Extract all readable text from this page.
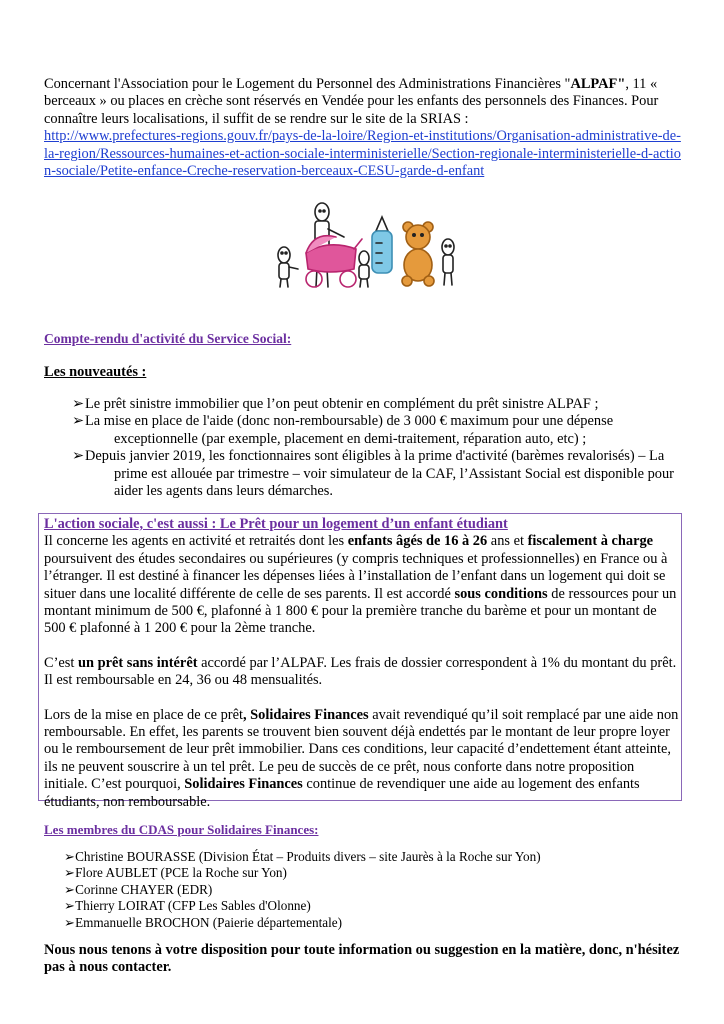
Concernant l'Association pour le Logement du Personnel des Administrations Financières "ALPAF", 11 « berceaux » ou places en crèche sont réservés en Vendée pour les enfants des personnels des Finances. Pour connaître leurs localisations, il suffit de se rendre sur le site de la SRIAS :
http://www.prefectures-regions.gouv.fr/pays-de-la-loire/Region-et-institutions/Organisation-administrative-de-la-region/Ressources-humaines-et-action-sociale-interministerielle/Section-regionale-interministerielle-d-action-sociale/Petite-enfance-Creche-reservation-berceaux-CESU-garde-d-enfant
Compte-rendu d'activité du Service Social:
Les nouveautés :
➢ Le prêt sinistre immobilier que l’on peut obtenir en complément du prêt sinistre ALPAF ;
➢ La mise en place de l'aide (donc non-remboursable) de 3 000 € maximum pour une dépense
exceptionnelle (par exemple, placement en demi-traitement, réparation auto, etc) ;
➢ Depuis janvier 2019, les fonctionnaires sont éligibles à la prime d'activité (barèmes revalorisés) – La
prime est allouée par trimestre – voir simulateur de la CAF, l’Assistant Social est disponible pour aider les agents dans leurs démarches.

L'action sociale, c'est aussi : Le Prêt pour un logement d’un enfant étudiant

Il concerne les agents en activité et retraités dont les enfants âgés de 16 à 26 ans et fiscalement à charge poursuivent des études secondaires ou supérieures (y compris techniques et professionnelles) en France ou à l’étranger. Il est destiné à financer les dépenses liées à l’installation de l’enfant dans un logement qui doit se situer dans une localité différente de celle de ses parents. Il est accordé sous conditions de ressources pour un montant minimum de 500 €, plafonné à 1 800 € pour la première tranche du barème et pour un montant de 500 € plafonné à 1 200 € pour la 2ème tranche.

C’est un prêt sans intérêt accordé par l’ALPAF. Les frais de dossier correspondent à 1% du montant du prêt. Il est remboursable en 24, 36 ou 48 mensualités.

Lors de la mise en place de ce prêt, Solidaires Finances avait revendiqué qu’il soit remplacé par une aide non remboursable. En effet, les parents se trouvent bien souvent déjà endettés par le montant de leur propre loyer ou le remboursement de leur prêt immobilier. Dans ces conditions, leur capacité d’endettement étant atteinte, ils ne peuvent souscrire à un tel prêt. Le peu de succès de ce prêt, nous conforte dans notre proposition initiale. C’est pourquoi, Solidaires Finances continue de revendiquer une aide au logement des enfants étudiants, non remboursable.

Les membres du CDAS pour Solidaires Finances:
➢Christine BOURASSE (Division État – Produits divers – site Jaurès à la Roche sur Yon)
➢Flore AUBLET (PCE la Roche sur Yon)
➢Corinne CHAYER (EDR)
➢Thierry LOIRAT (CFP Les Sables d'Olonne)
➢Emmanuelle BROCHON (Paierie départementale)
Nous nous tenons à votre disposition pour toute information ou suggestion en la matière, donc, n'hésitez pas à nous contacter.
